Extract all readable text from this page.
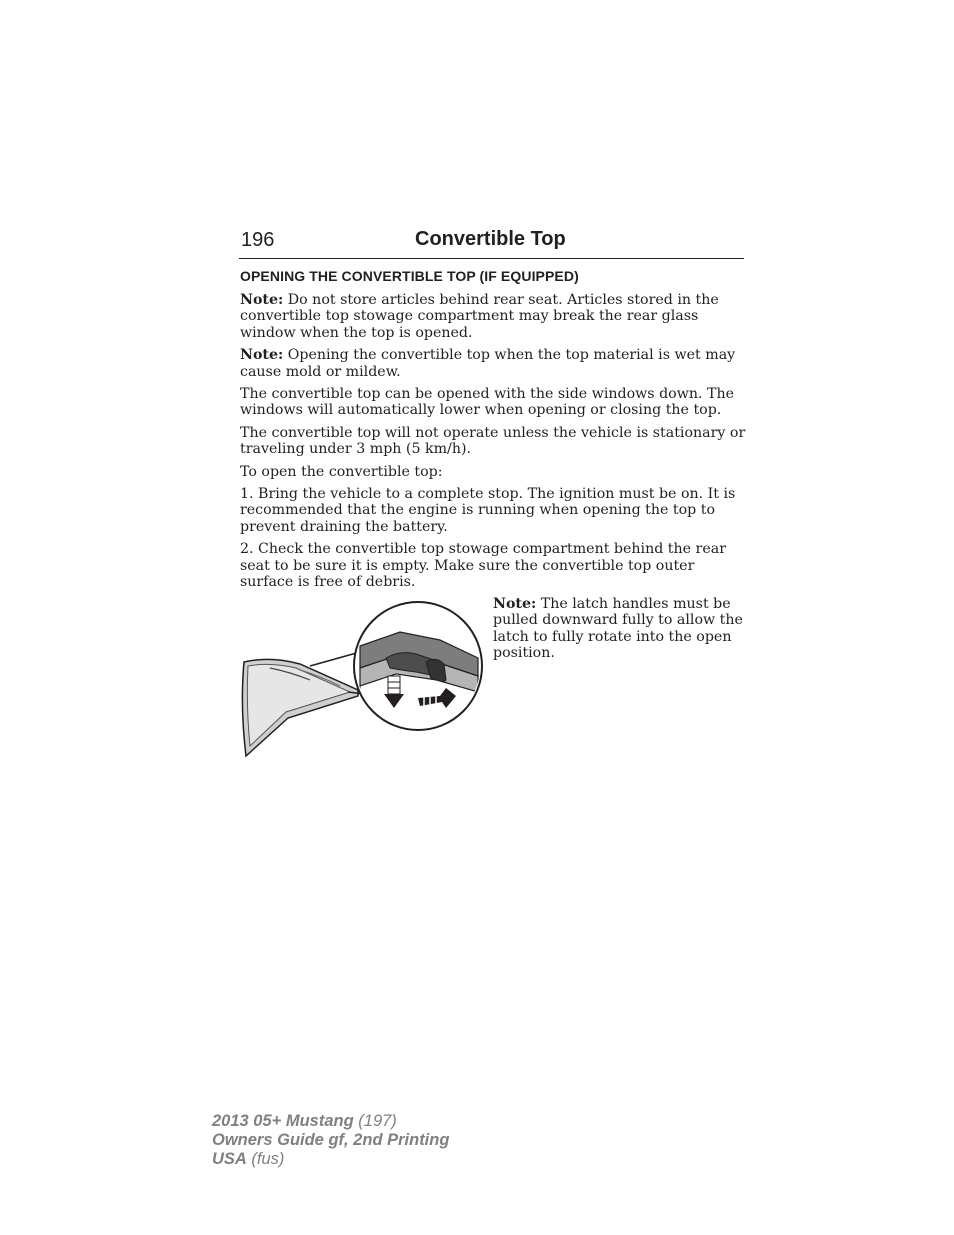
196	Convertible Top
OPENING THE CONVERTIBLE TOP (IF EQUIPPED)

Note: Do not store articles behind rear seat. Articles stored in the convertible top stowage compartment may break the rear glass window when the top is opened.

Note: Opening the convertible top when the top material is wet may cause mold or mildew.

The convertible top can be opened with the side windows down. The windows will automatically lower when opening or closing the top.

The convertible top will not operate unless the vehicle is stationary or traveling under 3 mph (5 km/h).

To open the convertible top:

1. Bring the vehicle to a complete stop. The ignition must be on. It is recommended that the engine is running when opening the top to prevent draining the battery.

2. Check the convertible top stowage compartment behind the rear seat to be sure it is empty. Make sure the convertible top outer surface is free of debris.

Note: The latch handles must be pulled downward fully to allow the latch to fully rotate into the open position.
2013 05+ Mustang (197)
Owners Guide gf, 2nd Printing
USA (fus)
